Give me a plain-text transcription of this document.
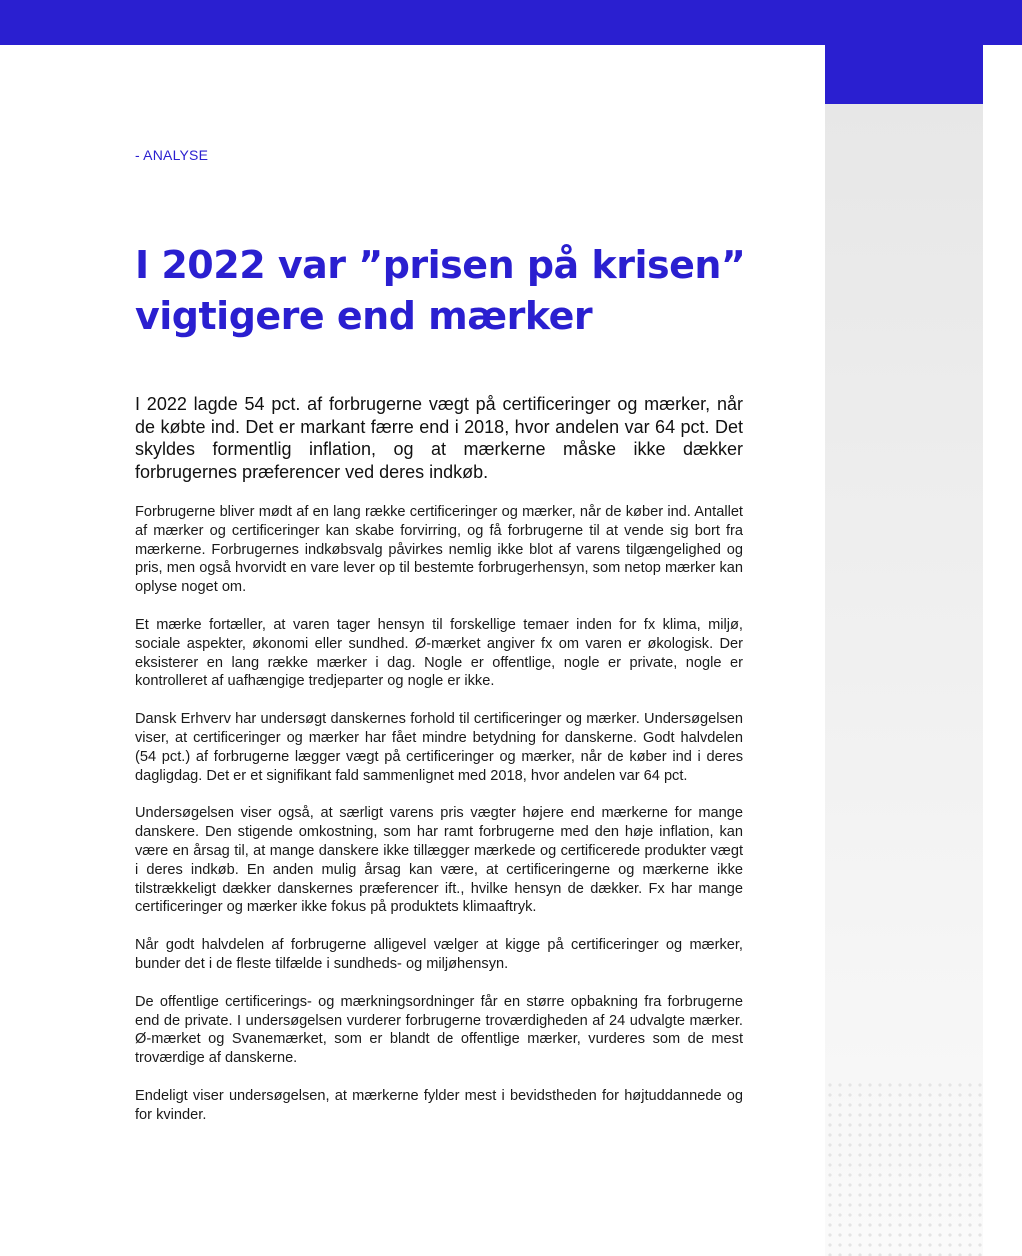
- ANALYSE
I 2022 var ”prisen på krisen”
vigtigere end mærker

I 2022 lagde 54 pct. af forbrugerne vægt på certificeringer og mærker, når de købte ind. Det er markant færre end i 2018, hvor andelen var 64 pct. Det skyldes formentlig inflation, og at mærkerne måske ikke dækker forbrugernes præferencer ved deres indkøb.

Forbrugerne bliver mødt af en lang række certificeringer og mærker, når de køber ind. Antallet af mærker og certificeringer kan skabe forvirring, og få forbrugerne til at vende sig bort fra mærkerne. Forbrugernes indkøbsvalg påvirkes nemlig ikke blot af varens tilgængelighed og pris, men også hvorvidt en vare lever op til bestemte forbrugerhensyn, som netop mærker kan oplyse noget om.

Et mærke fortæller, at varen tager hensyn til forskellige temaer inden for fx klima, miljø, sociale aspekter, økonomi eller sundhed. Ø-mærket angiver fx om varen er økologisk. Der eksisterer en lang række mærker i dag. Nogle er offentlige, nogle er private, nogle er kontrolleret af uafhængige tredjeparter og nogle er ikke.

Dansk Erhverv har undersøgt danskernes forhold til certificeringer og mærker. Undersøgelsen viser, at certificeringer og mærker har fået mindre betydning for danskerne. Godt halvdelen (54 pct.) af forbrugerne lægger vægt på certificeringer og mærker, når de køber ind i deres dagligdag. Det er et signifikant fald sammenlignet med 2018, hvor andelen var 64 pct.

Undersøgelsen viser også, at særligt varens pris vægter højere end mærkerne for mange danskere. Den stigende omkostning, som har ramt forbrugerne med den høje inflation, kan være en årsag til, at mange danskere ikke tillægger mærkede og certificerede produkter vægt i deres indkøb. En anden mulig årsag kan være, at certificeringerne og mærkerne ikke tilstrækkeligt dækker danskernes præferencer ift., hvilke hensyn de dækker. Fx har mange certificeringer og mærker ikke fokus på produktets klimaaftryk.

Når godt halvdelen af forbrugerne alligevel vælger at kigge på certificeringer og mærker, bunder det i de fleste tilfælde i sundheds- og miljøhensyn.

De offentlige certificerings- og mærkningsordninger får en større opbakning fra forbrugerne end de private. I undersøgelsen vurderer forbrugerne troværdigheden af 24 udvalgte mærker. Ø-mærket og Svanemærket, som er blandt de offentlige mærker, vurderes som de mest troværdige af danskerne.

Endeligt viser undersøgelsen, at mærkerne fylder mest i bevidstheden for højtuddannede og for kvinder.
